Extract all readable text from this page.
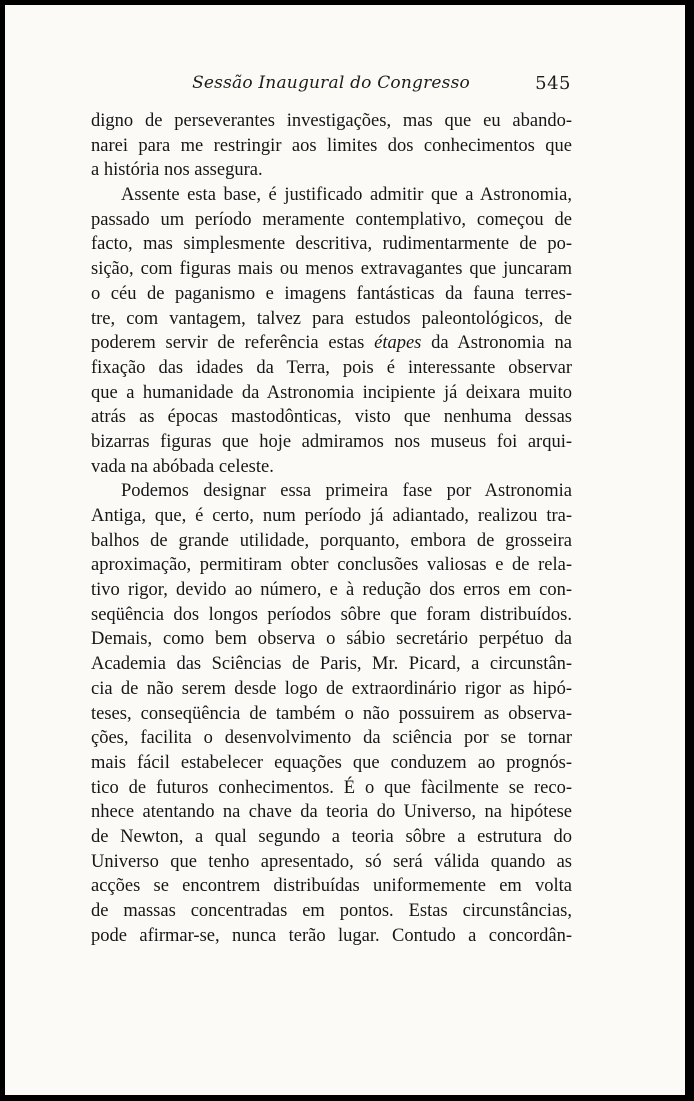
Sessão Inaugural do Congresso	545

digno de perseverantes investigações, mas que eu abando-
narei para me restringir aos limites dos conhecimentos que
a história nos assegura.

Assente esta base, é justificado admitir que a Astronomia,
passado um período meramente contemplativo, começou de
facto, mas simplesmente descritiva, rudimentarmente de po-
sição, com figuras mais ou menos extravagantes que juncaram
o céu de paganismo e imagens fantásticas da fauna terres-
tre, com vantagem, talvez para estudos paleontológicos, de
poderem servir de referência estas étapes da Astronomia na
fixação das idades da Terra, pois é interessante observar
que a humanidade da Astronomia incipiente já deixara muito
atrás as épocas mastodônticas, visto que nenhuma dessas
bizarras figuras que hoje admiramos nos museus foi arqui-
vada na abóbada celeste.

Podemos designar essa primeira fase por Astronomia
Antiga, que, é certo, num período já adiantado, realizou tra-
balhos de grande utilidade, porquanto, embora de grosseira
aproximação, permitiram obter conclusões valiosas e de rela-
tivo rigor, devido ao número, e à redução dos erros em con-
seqüência dos longos períodos sôbre que foram distribuídos.
Demais, como bem observa o sábio secretário perpétuo da
Academia das Sciências de Paris, Mr. Picard, a circunstân-
cia de não serem desde logo de extraordinário rigor as hipó-
teses, conseqüência de também o não possuirem as observa-
ções, facilita o desenvolvimento da sciência por se tornar
mais fácil estabelecer equações que conduzem ao prognós-
tico de futuros conhecimentos. É o que fàcilmente se reco-
nhece atentando na chave da teoria do Universo, na hipótese
de Newton, a qual segundo a teoria sôbre a estrutura do
Universo que tenho apresentado, só será válida quando as
acções se encontrem distribuídas uniformemente em volta
de massas concentradas em pontos. Estas circunstâncias,
pode afirmar-se, nunca terão lugar. Contudo a concordân-
